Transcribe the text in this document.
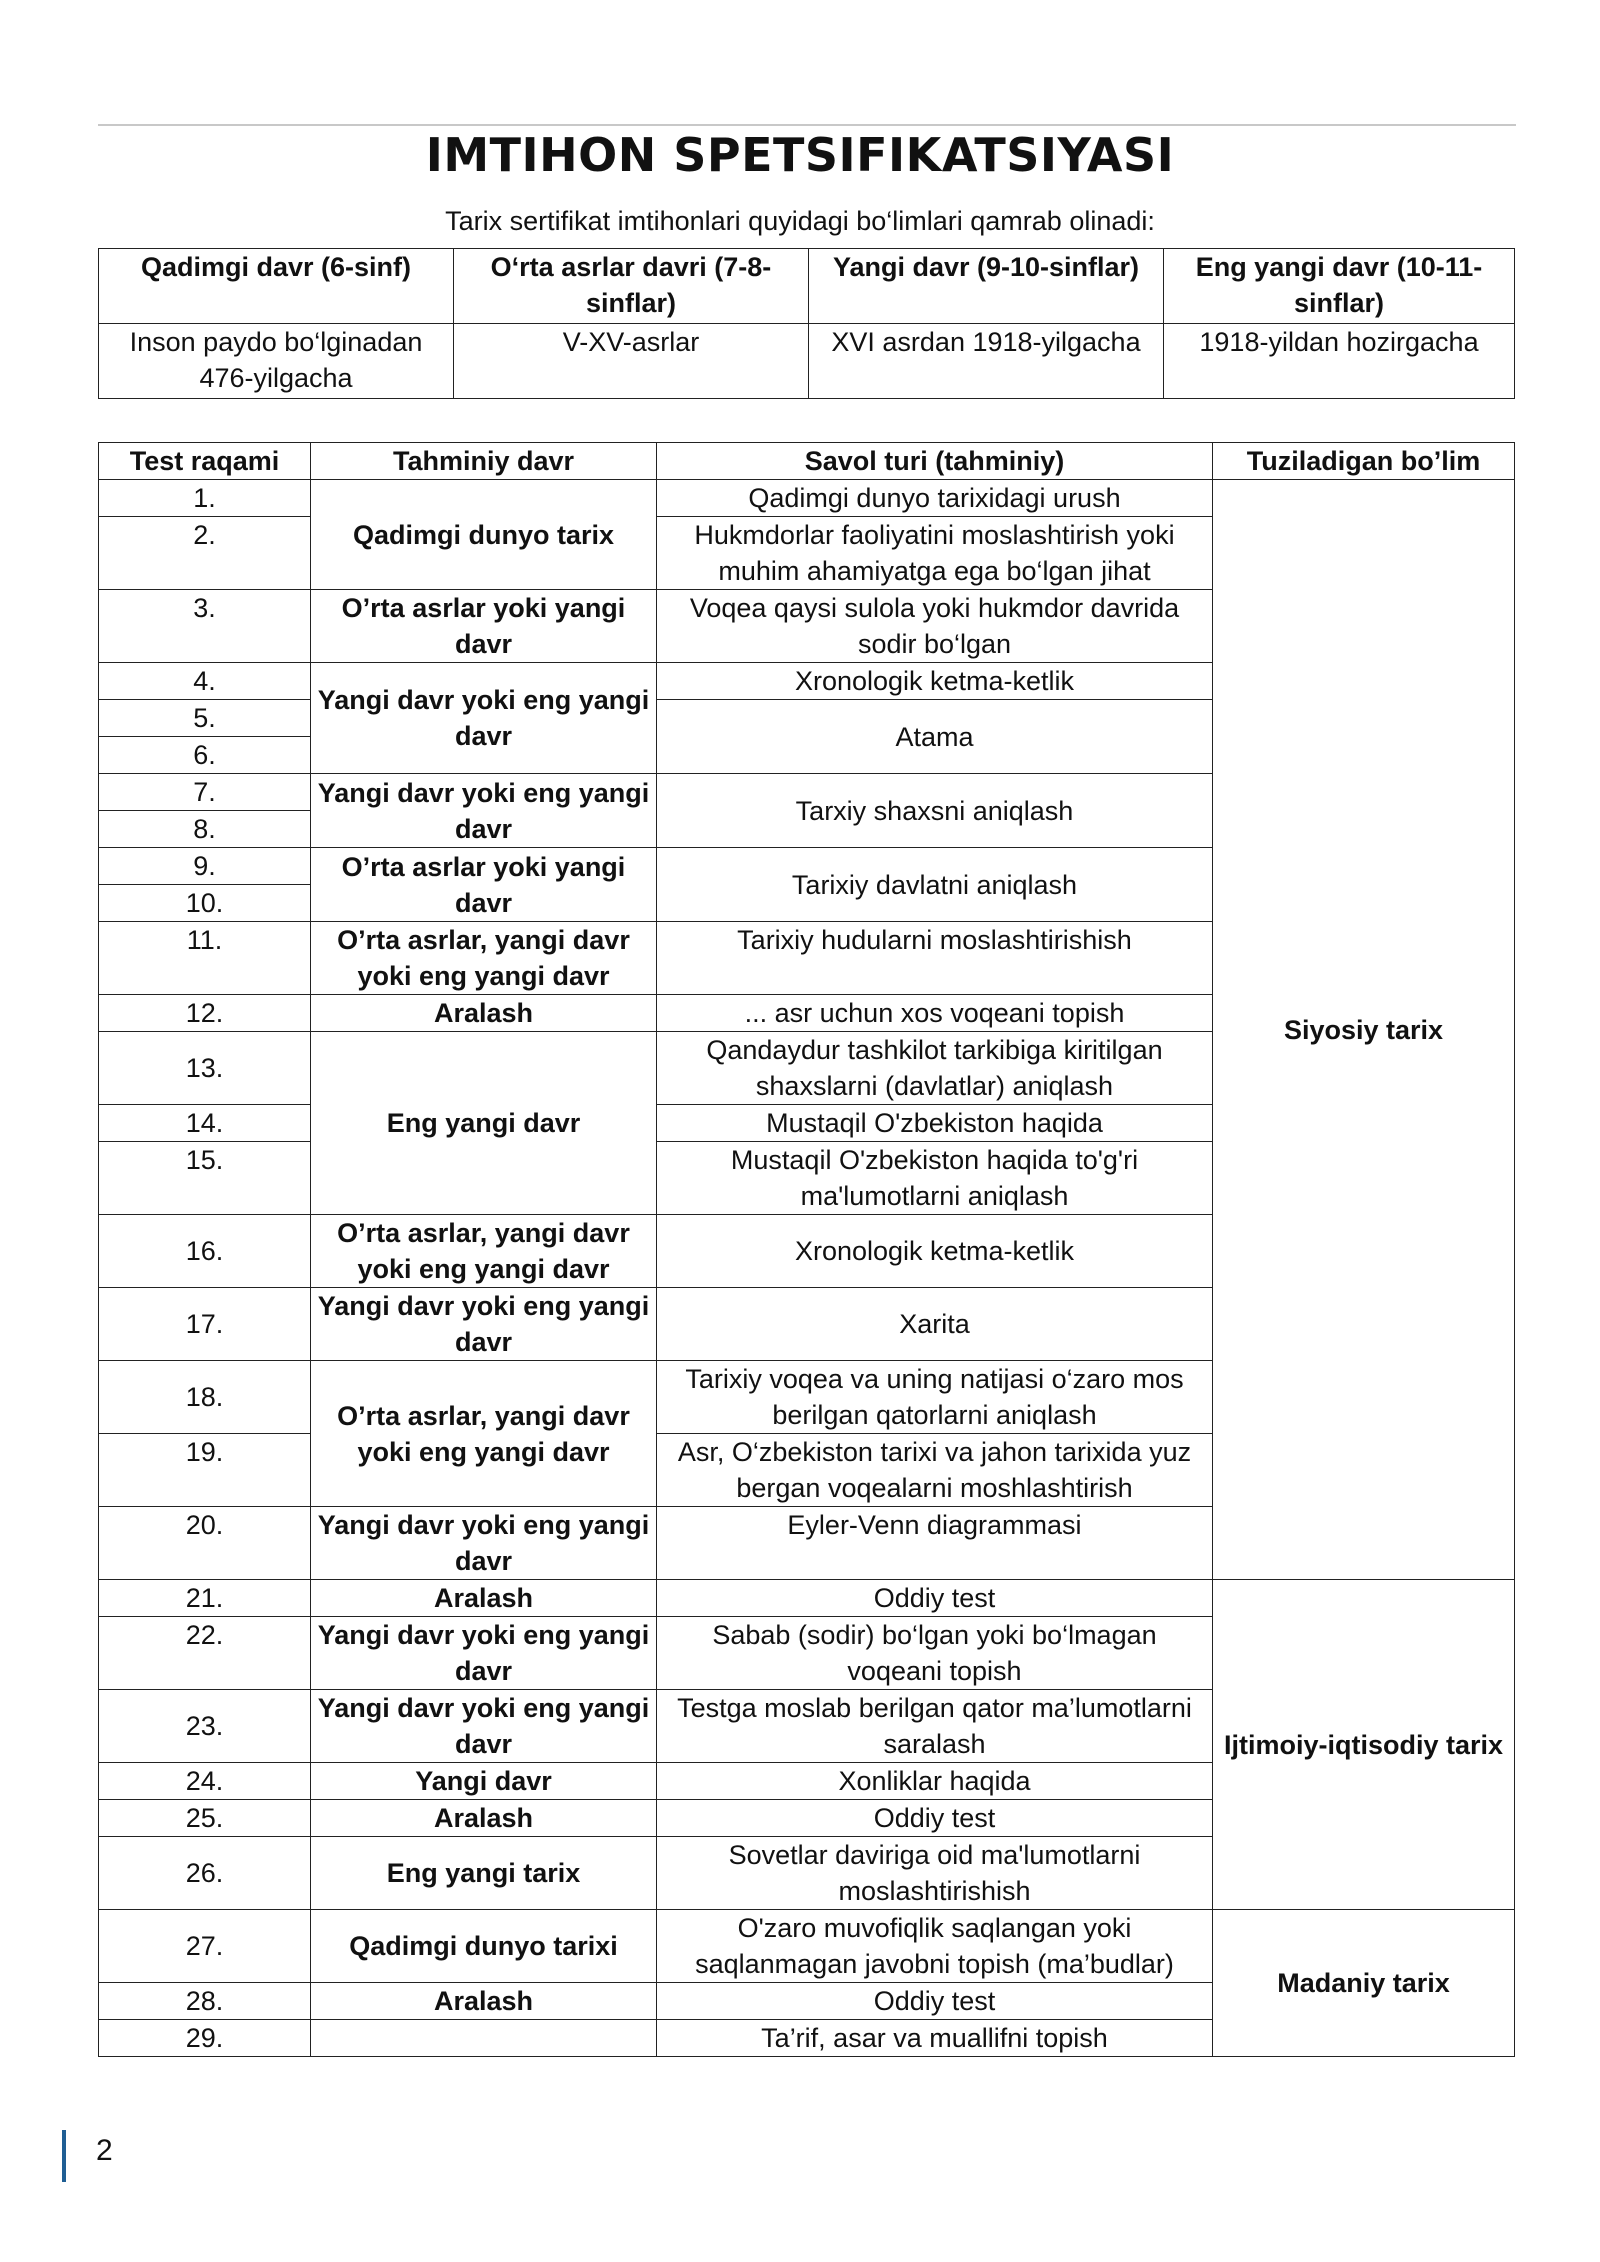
IMTIHON SPETSIFIKATSIYASI
Tarix sertifikat imtihonlari quyidagi bo‘limlari qamrab olinadi:
Qadimgi davr (6-sinf)	O‘rta asrlar davri (7-8-sinflar)	Yangi davr (9-10-sinflar)	Eng yangi davr (10-11-sinflar)
Inson paydo bo‘lginadan 476-yilgacha	V-XV-asrlar	XVI asrdan 1918-yilgacha	1918-yildan hozirgacha
Test raqami	Tahminiy davr	Savol turi (tahminiy)	Tuziladigan bo’lim
1.	Qadimgi dunyo tarix	Qadimgi dunyo tarixidagi urush	Siyosiy tarix
2.		Hukmdorlar faoliyatini moslashtirish yoki muhim ahamiyatga ega bo‘lgan jihat	

3.	O’rta asrlar yoki yangi davr	Voqea qaysi sulola yoki hukmdor davrida sodir bo‘lgan	

4.	Yangi davr yoki eng yangi davr	Xronologik ketma-ketlik	
5.		Atama	
6.			
7.	Yangi davr yoki eng yangi davr	Tarxiy shaxsni aniqlash	
8.			
9.	O’rta asrlar yoki yangi davr	Tarixiy davlatni aniqlash	
10.			
11.	O’rta asrlar, yangi davr yoki eng yangi davr	Tarixiy hudularni moslashtirishish	

12.	Aralash	... asr uchun xos voqeani topish	
13.	Eng yangi davr	Qandaydur tashkilot tarkibiga kiritilgan shaxslarni (davlatlar) aniqlash	

14.		Mustaqil O'zbekiston haqida	
15.		Mustaqil O'zbekiston haqida to'g'ri ma'lumotlarni aniqlash	

16.	O’rta asrlar, yangi davr yoki eng yangi davr	Xronologik ketma-ketlik	

17.	Yangi davr yoki eng yangi davr	Xarita	

18.	O’rta asrlar, yangi davr yoki eng yangi davr	Tarixiy voqea va uning natijasi o‘zaro mos berilgan qatorlarni aniqlash	

19.		Asr, O‘zbekiston tarixi va jahon tarixida yuz bergan voqealarni moshlashtirish	

20.	Yangi davr yoki eng yangi davr	Eyler-Venn diagrammasi	

21.	Aralash	Oddiy test	Ijtimoiy-iqtisodiy tarix
22.	Yangi davr yoki eng yangi davr	Sabab (sodir) bo‘lgan yoki bo‘lmagan voqeani topish	

23.	Yangi davr yoki eng yangi davr	Testga moslab berilgan qator ma’lumotlarni saralash	

24.	Yangi davr	Xonliklar haqida	
25.	Aralash	Oddiy test	
26.	Eng yangi tarix	Sovetlar daviriga oid ma'lumotlarni moslashtirishish	

27.	Qadimgi dunyo tarixi	O'zaro muvofiqlik saqlangan yoki saqlanmagan javobni topish (ma’budlar)	Madaniy tarix

28.	Aralash	Oddiy test	
29.		Ta’rif, asar va muallifni topish	

2
